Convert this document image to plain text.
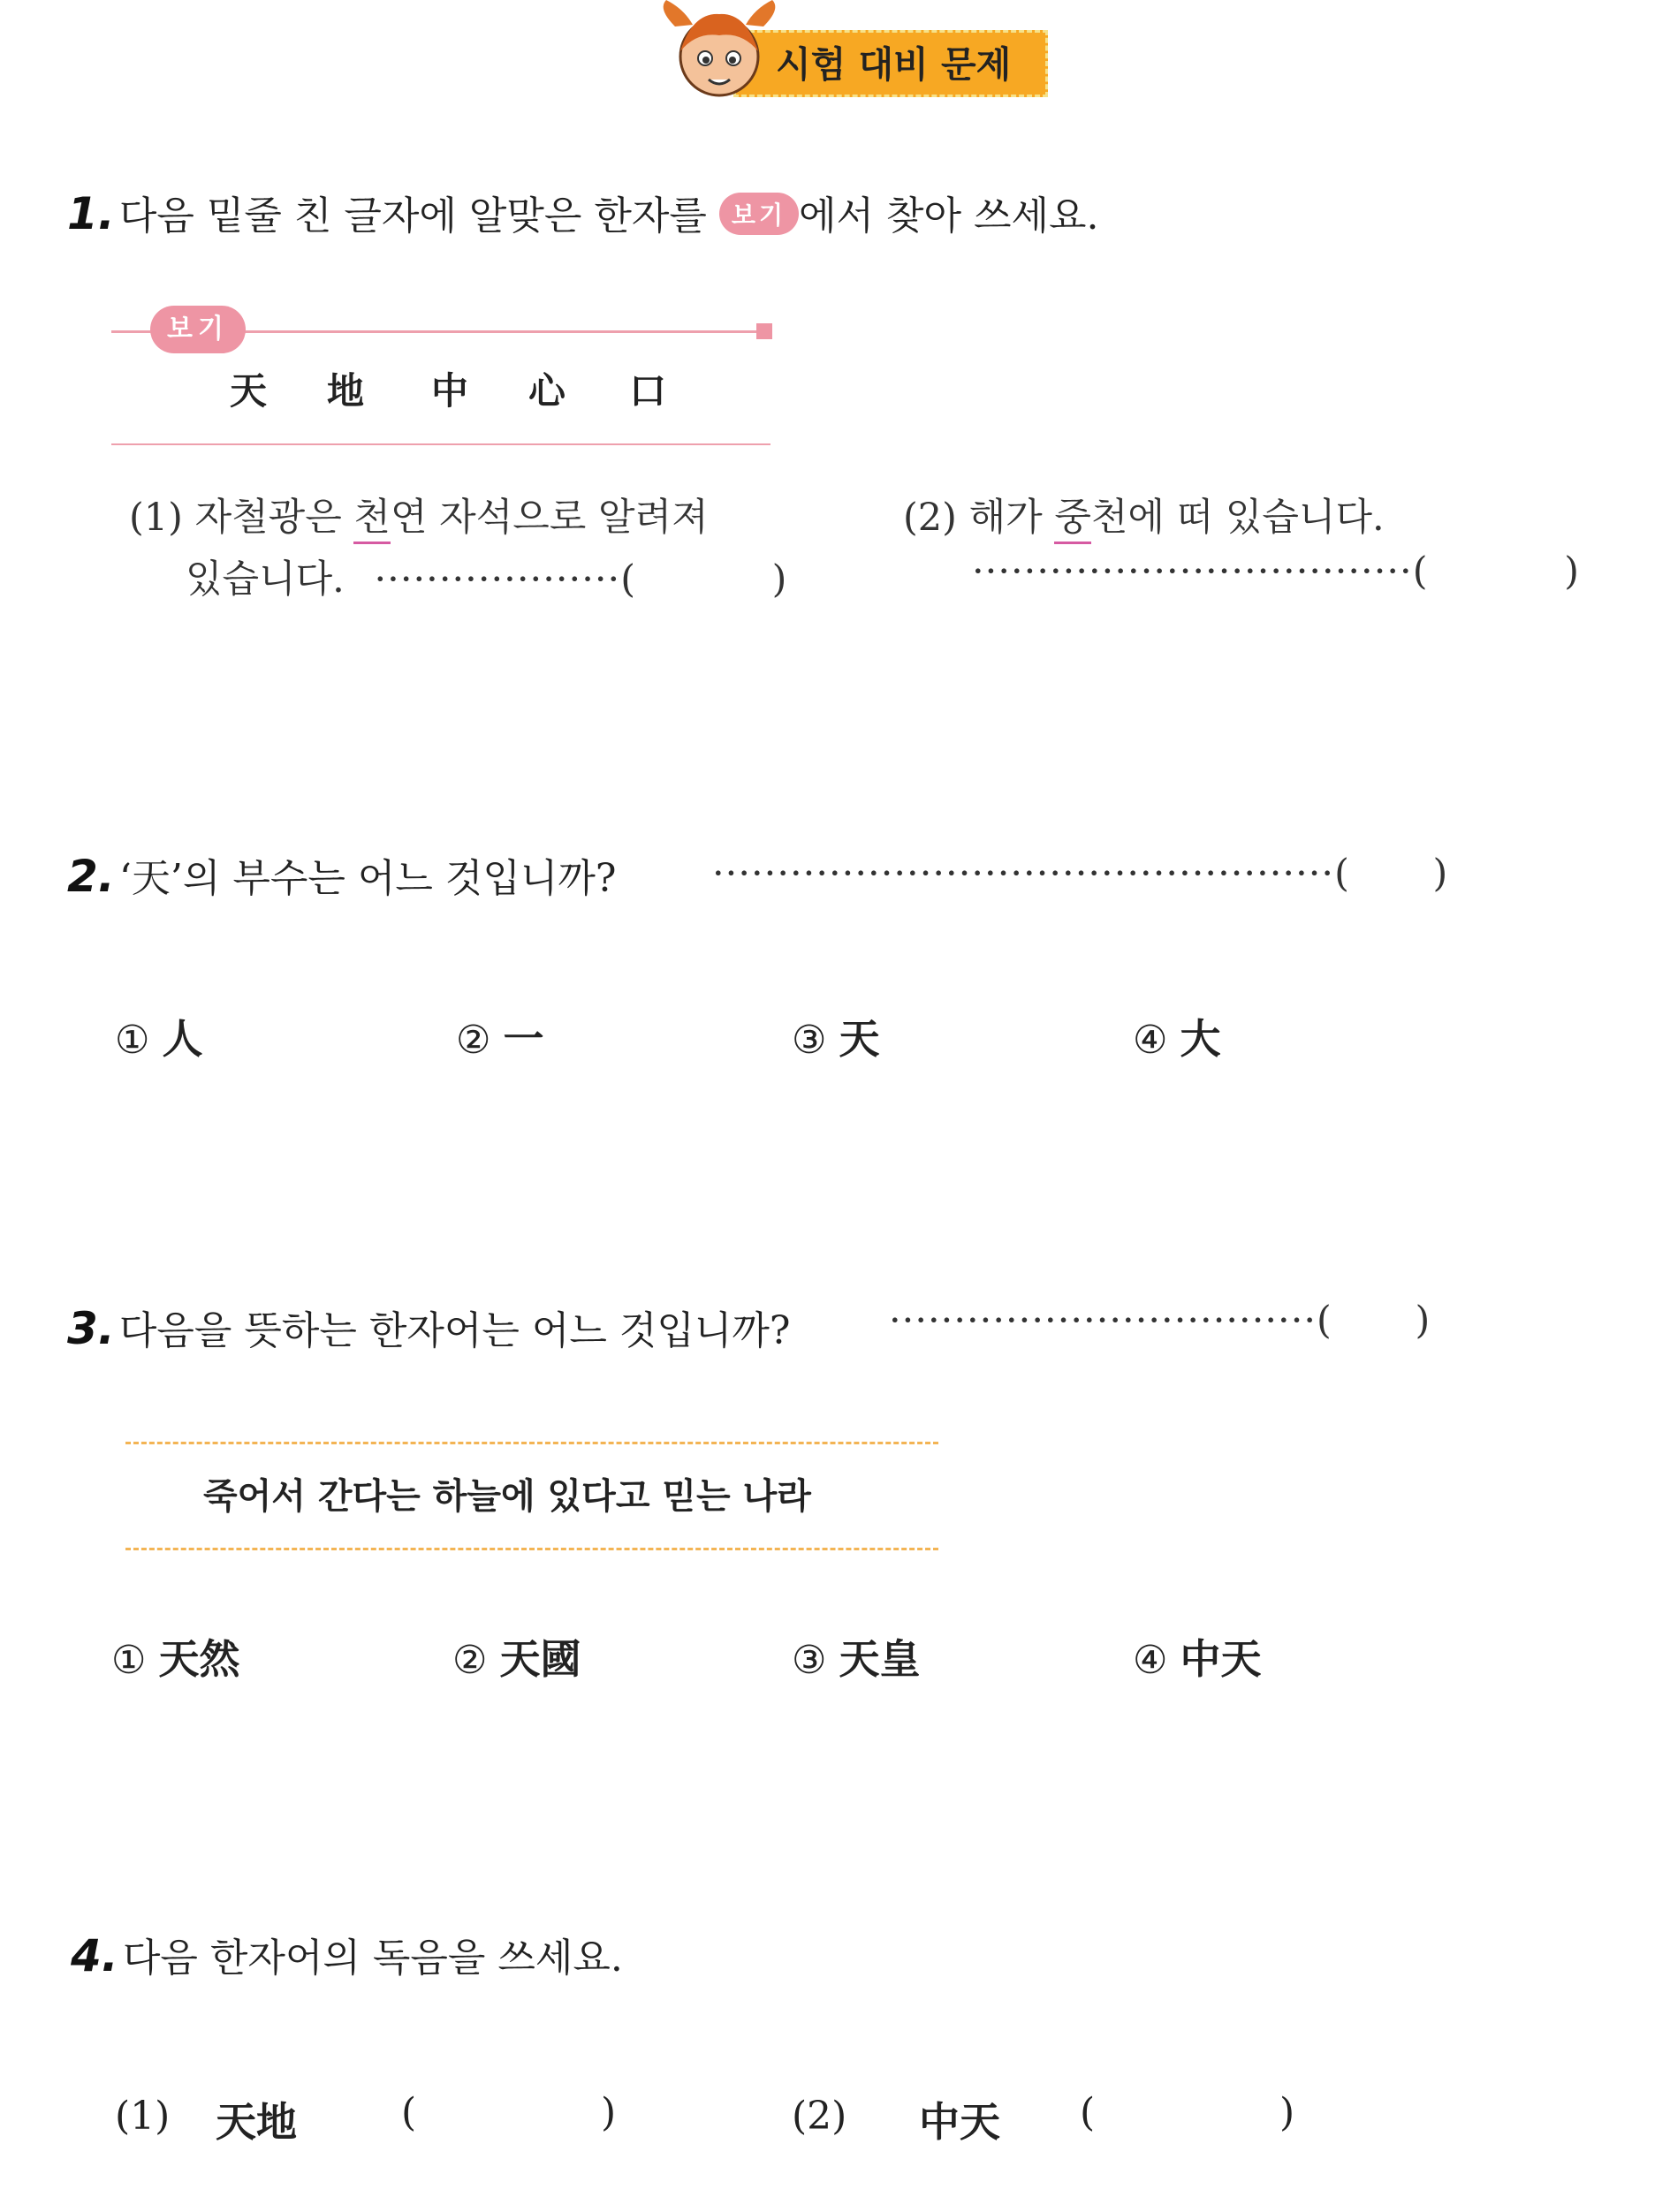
시험 대비 문제
1. 다음 밑줄 친 글자에 알맞은 한자를 보기 에서 찾아 쓰세요.
보기
天 地 中 心 口
(1) 자철광은 천연 자석으로 알려져
있습니다. ···················(	)
(2) 해가 중천에 떠 있습니다.
··································(	)
2. ‘天’의 부수는 어느 것입니까?	················································( )
① 人	② 一	③ 天	④ 大
3. 다음을 뜻하는 한자어는 어느 것입니까?	·································( )
죽어서 간다는 하늘에 있다고 믿는 나라
① 天然	② 天國	③ 天皇	④ 中天
4. 다음 한자어의 독음을 쓰세요.
(1) 天地	(	)	(2) 中天 (	)
